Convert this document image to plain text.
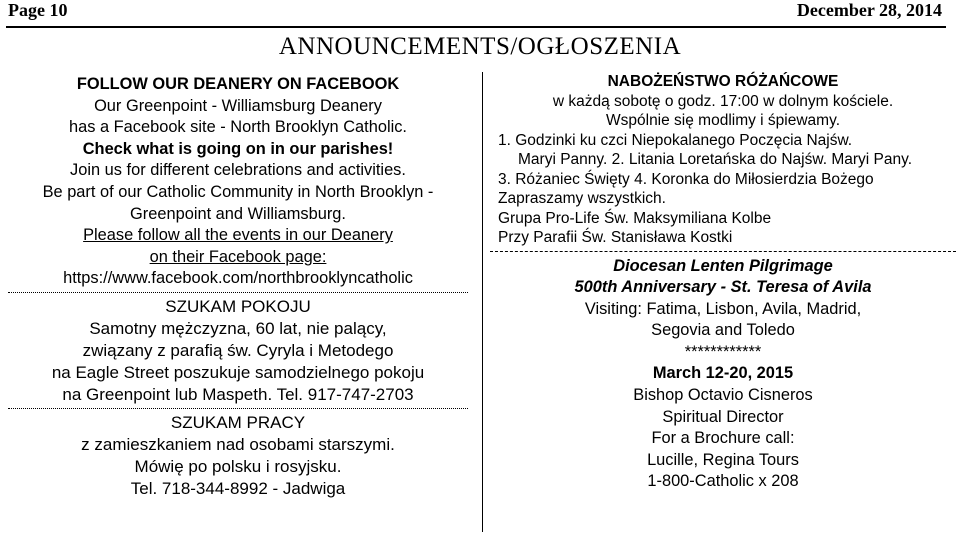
Page 10	December 28, 2014
ANNOUNCEMENTS/OGŁOSZENIA
FOLLOW OUR DEANERY ON FACEBOOK
Our Greenpoint - Williamsburg Deanery
has a Facebook site - North Brooklyn Catholic.
Check what is going on in our parishes!
Join us for different celebrations and activities.
Be part of our Catholic Community in North Brooklyn -
Greenpoint and Williamsburg.
Please follow all the events in our Deanery
on their Facebook page:
https://www.facebook.com/northbrooklyncatholic
SZUKAM POKOJU
Samotny mężczyzna, 60 lat, nie palący,
związany z parafią św. Cyryla i Metodego
na Eagle Street poszukuje samodzielnego pokoju
na Greenpoint lub Maspeth. Tel. 917-747-2703
SZUKAM PRACY
z zamieszkaniem nad osobami starszymi.
Mówię po polsku i rosyjsku.
Tel. 718-344-8992 - Jadwiga
NABOŻEŃSTWO RÓŻAŃCOWE
w każdą sobotę o godz. 17:00 w dolnym kościele.
Wspólnie się modlimy i śpiewamy.
1. Godzinki ku czci Niepokalanego Poczęcia Najśw.
Maryi Panny. 2. Litania Loretańska do Najśw. Maryi Pany.
3. Różaniec Święty 4. Koronka do Miłosierdzia Bożego
Zapraszamy wszystkich.
Grupa Pro-Life Św. Maksymiliana Kolbe
Przy Parafii Św. Stanisława Kostki
Diocesan Lenten Pilgrimage
500th Anniversary - St. Teresa of Avila
Visiting: Fatima, Lisbon, Avila, Madrid,
Segovia and Toledo
************
March 12-20, 2015
Bishop Octavio Cisneros
Spiritual Director
For a Brochure call:
Lucille, Regina Tours
1-800-Catholic x 208
